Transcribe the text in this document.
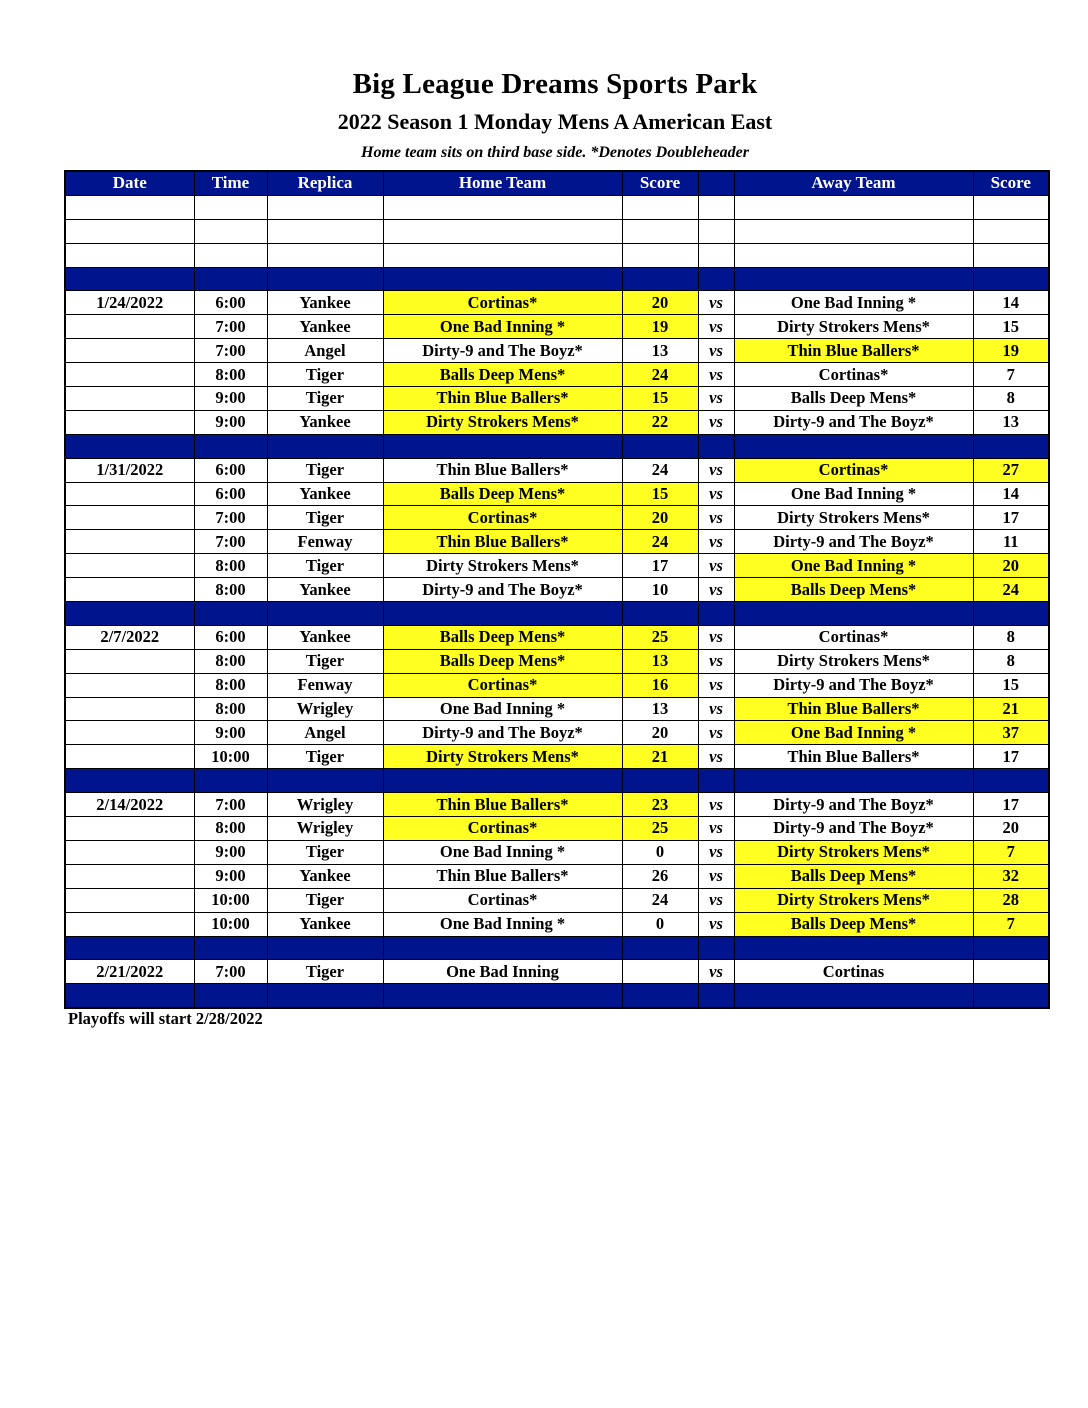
Big League Dreams Sports Park
2022 Season 1 Monday Mens A American East
Home team sits on third base side. *Denotes Doubleheader
Date	Time	Replica	Home Team	Score		Away Team	Score

1/24/2022	6:00	Yankee	Cortinas*	20	vs	One Bad Inning *	14
	7:00	Yankee	One Bad Inning *	19	vs	Dirty Strokers Mens*	15
	7:00	Angel	Dirty-9 and The Boyz*	13	vs	Thin Blue Ballers*	19
	8:00	Tiger	Balls Deep Mens*	24	vs	Cortinas*	7
	9:00	Tiger	Thin Blue Ballers*	15	vs	Balls Deep Mens*	8
	9:00	Yankee	Dirty Strokers Mens*	22	vs	Dirty-9 and The Boyz*	13

1/31/2022	6:00	Tiger	Thin Blue Ballers*	24	vs	Cortinas*	27
	6:00	Yankee	Balls Deep Mens*	15	vs	One Bad Inning *	14
	7:00	Tiger	Cortinas*	20	vs	Dirty Strokers Mens*	17
	7:00	Fenway	Thin Blue Ballers*	24	vs	Dirty-9 and The Boyz*	11
	8:00	Tiger	Dirty Strokers Mens*	17	vs	One Bad Inning *	20
	8:00	Yankee	Dirty-9 and The Boyz*	10	vs	Balls Deep Mens*	24

2/7/2022	6:00	Yankee	Balls Deep Mens*	25	vs	Cortinas*	8
	8:00	Tiger	Balls Deep Mens*	13	vs	Dirty Strokers Mens*	8
	8:00	Fenway	Cortinas*	16	vs	Dirty-9 and The Boyz*	15
	8:00	Wrigley	One Bad Inning *	13	vs	Thin Blue Ballers*	21
	9:00	Angel	Dirty-9 and The Boyz*	20	vs	One Bad Inning *	37
	10:00	Tiger	Dirty Strokers Mens*	21	vs	Thin Blue Ballers*	17

2/14/2022	7:00	Wrigley	Thin Blue Ballers*	23	vs	Dirty-9 and The Boyz*	17
	8:00	Wrigley	Cortinas*	25	vs	Dirty-9 and The Boyz*	20
	9:00	Tiger	One Bad Inning *	0	vs	Dirty Strokers Mens*	7
	9:00	Yankee	Thin Blue Ballers*	26	vs	Balls Deep Mens*	32
	10:00	Tiger	Cortinas*	24	vs	Dirty Strokers Mens*	28
	10:00	Yankee	One Bad Inning *	0	vs	Balls Deep Mens*	7

2/21/2022	7:00	Tiger	One Bad Inning		vs	Cortinas	

Playoffs will start 2/28/2022
